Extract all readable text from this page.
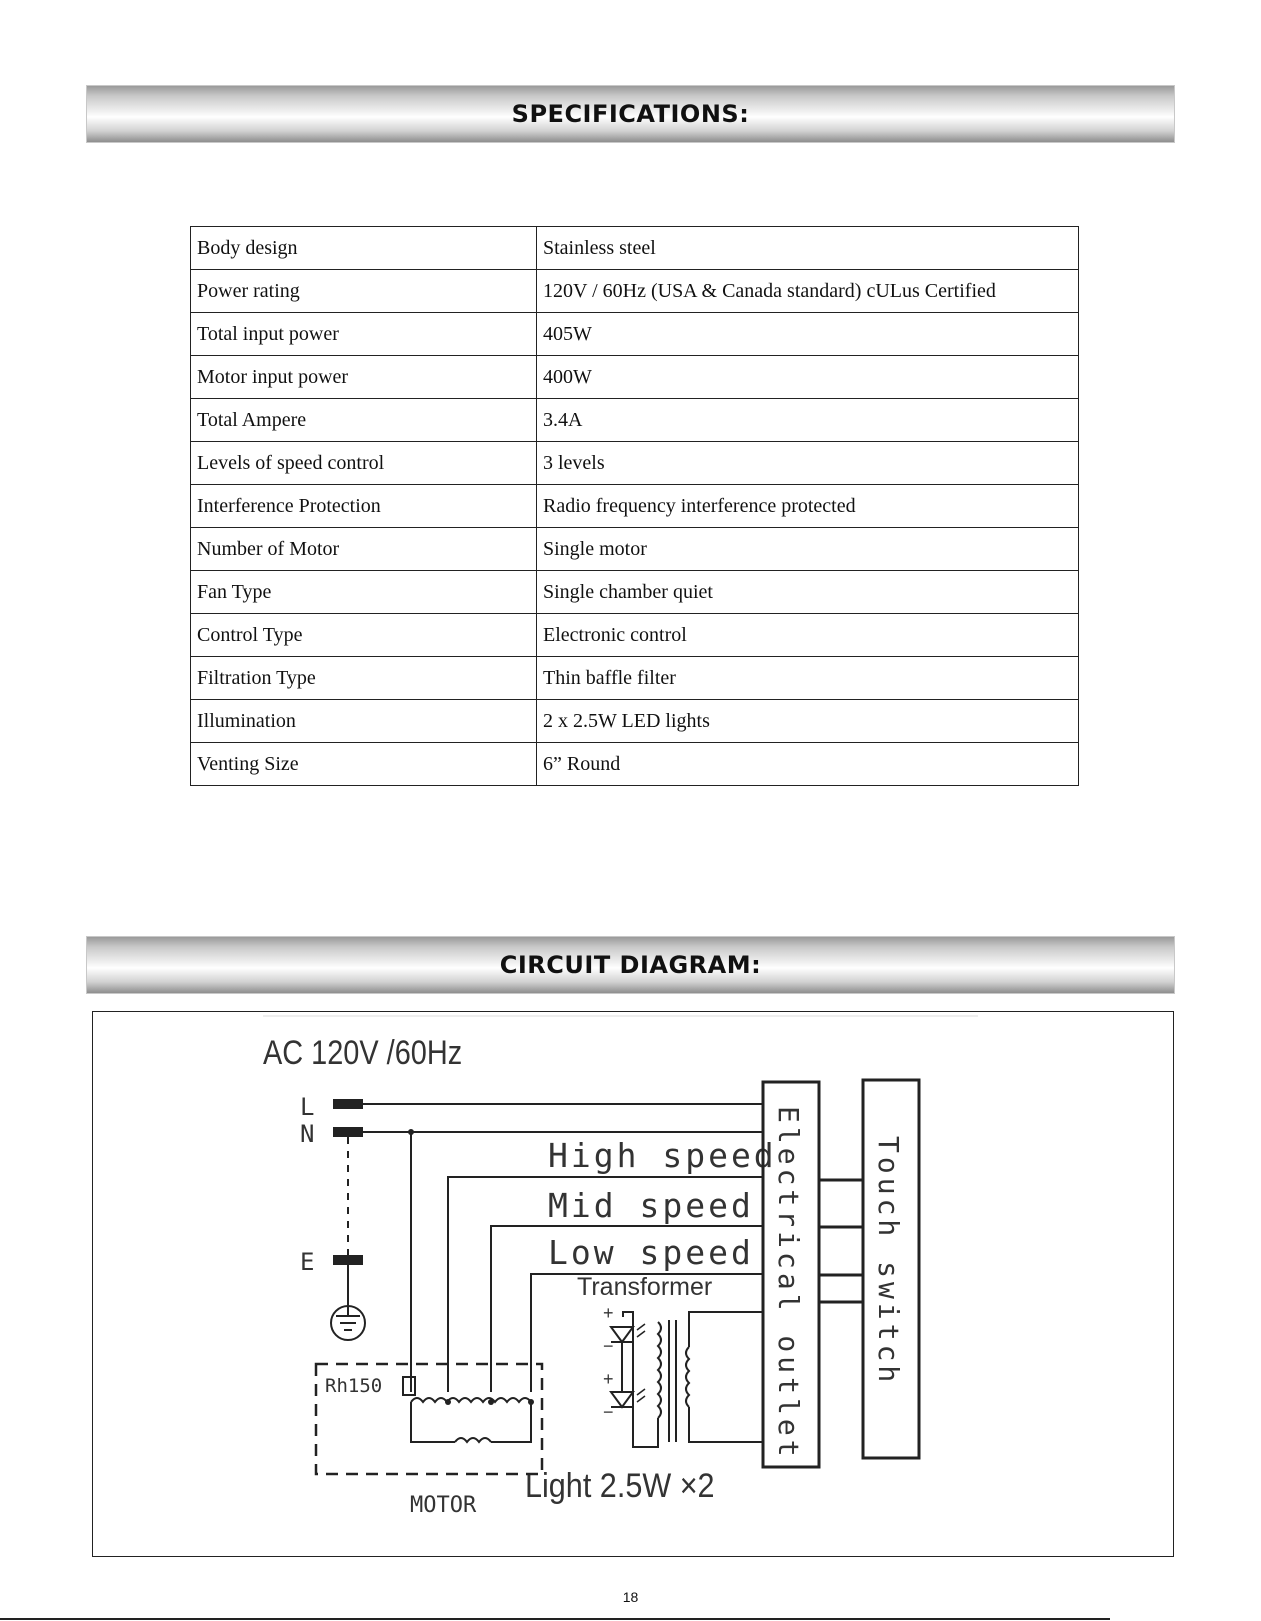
SPECIFICATIONS:
Body design	Stainless steel
Power rating	120V / 60Hz (USA & Canada standard) cULus Certified
Total input power	405W
Motor input power	400W
Total Ampere	3.4A
Levels of speed control	3 levels
Interference Protection	Radio frequency interference protected
Number of Motor	Single motor
Fan Type	Single chamber quiet
Control Type	Electronic control
Filtration Type	Thin baffle filter
Illumination	2 x 2.5W LED lights
Venting Size	6” Round
CIRCUIT DIAGRAM:
AC 120V /60Hz
L
N
E
High speed
Mid speed
Low speed
Transformer Electrical outlet Touch switch
+
−
+
−
Light 2.5W ×2
Rh150
MOTOR
18
